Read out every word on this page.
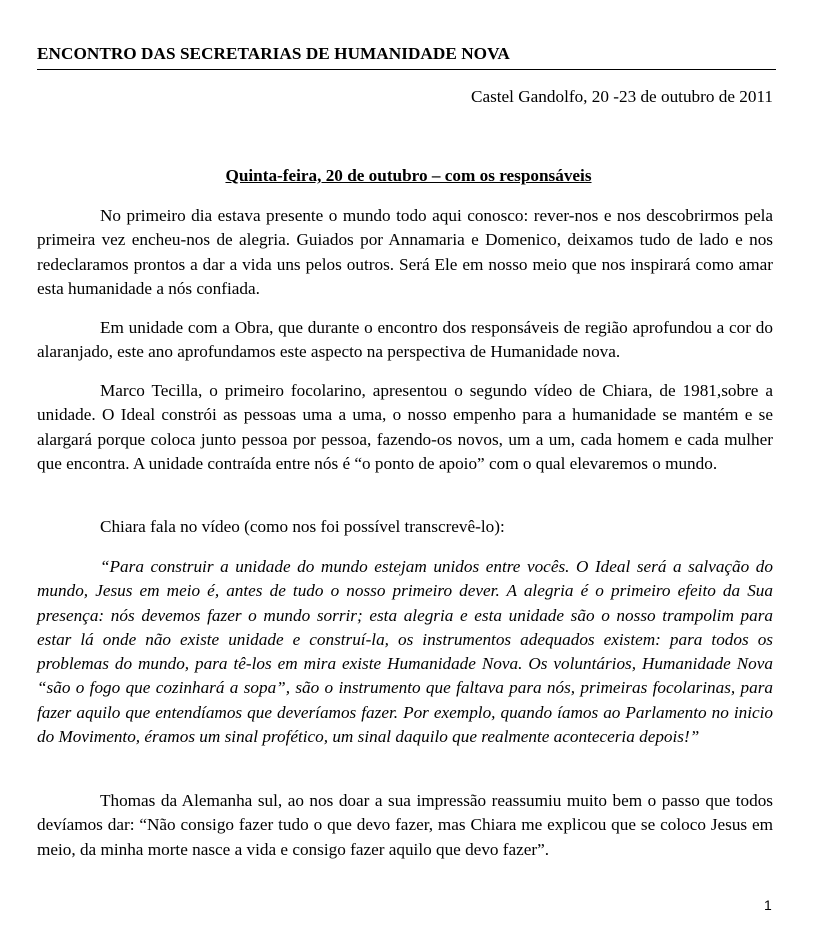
ENCONTRO DAS SECRETARIAS DE HUMANIDADE NOVA
Castel Gandolfo, 20 -23 de outubro de 2011
Quinta-feira, 20 de outubro – com os responsáveis

No primeiro dia estava presente o mundo todo aqui conosco: rever-nos e nos descobrirmos pela primeira vez encheu-nos de alegria. Guiados por Annamaria e Domenico, deixamos tudo de lado e nos redeclaramos prontos a dar a vida uns pelos outros. Será Ele em nosso meio que nos inspirará como amar esta humanidade a nós confiada.

Em unidade com a Obra, que durante o encontro dos responsáveis de região aprofundou a cor do alaranjado, este ano aprofundamos este aspecto na perspectiva de Humanidade nova.

Marco Tecilla, o primeiro focolarino, apresentou o segundo vídeo de Chiara, de 1981,sobre a unidade. O Ideal constrói as pessoas uma a uma, o nosso empenho para a humanidade se mantém e se alargará porque coloca junto pessoa por pessoa, fazendo-os novos, um a um, cada homem e cada mulher que encontra. A unidade contraída entre nós é “o ponto de apoio” com o qual elevaremos o mundo.

Chiara fala no vídeo (como nos foi possível transcrevê-lo):

“Para construir a unidade do mundo estejam unidos entre vocês. O Ideal será a salvação do mundo, Jesus em meio é, antes de tudo o nosso primeiro dever. A alegria é o primeiro efeito da Sua presença: nós devemos fazer o mundo sorrir; esta alegria e esta unidade são o nosso trampolim para estar lá onde não existe unidade e construí-la, os instrumentos adequados existem: para todos os problemas do mundo, para tê-los em mira existe Humanidade Nova. Os voluntários, Humanidade Nova “são o fogo que cozinhará a sopa”, são o instrumento que faltava para nós, primeiras focolarinas, para fazer aquilo que entendíamos que deveríamos fazer. Por exemplo, quando íamos ao Parlamento no inicio do Movimento, éramos um sinal profético, um sinal daquilo que realmente aconteceria depois!”

Thomas da Alemanha sul, ao nos doar a sua impressão reassumiu muito bem o passo que todos devíamos dar: “Não consigo fazer tudo o que devo fazer, mas Chiara me explicou que se coloco Jesus em meio, da minha morte nasce a vida e consigo fazer aquilo que devo fazer”.

1
